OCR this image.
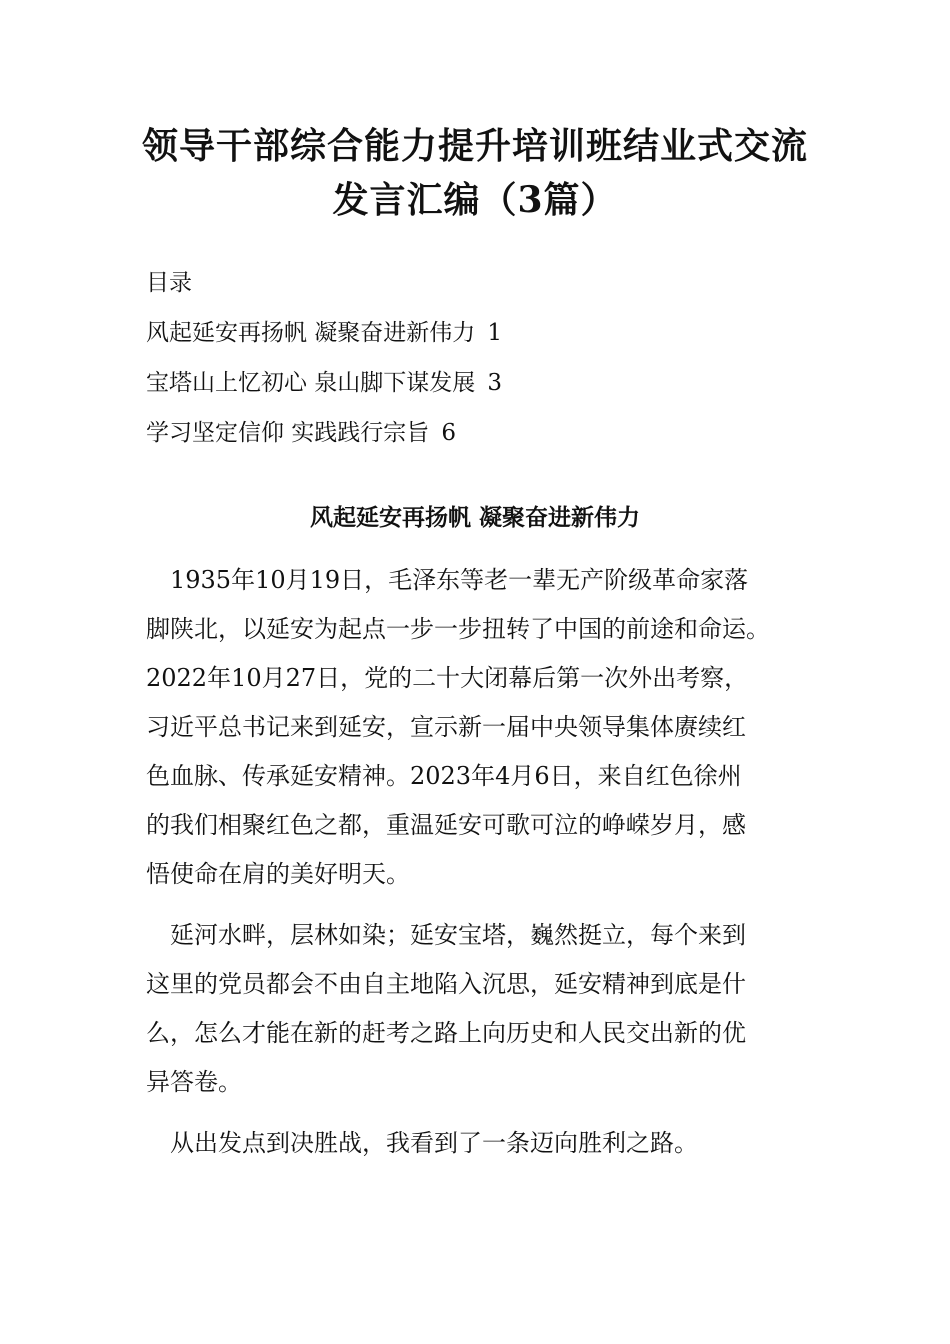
领导干部综合能力提升培训班结业式交流
发言汇编（3篇）
目录
风起延安再扬帆 凝聚奋进新伟力 1
宝塔山上忆初心 泉山脚下谋发展 3
学习坚定信仰 实践践行宗旨 6
风起延安再扬帆 凝聚奋进新伟力
　1935年10月19日，毛泽东等老一辈无产阶级革命家落
脚陕北，以延安为起点一步一步扭转了中国的前途和命运。
2022年10月27日，党的二十大闭幕后第一次外出考察，
习近平总书记来到延安，宣示新一届中央领导集体赓续红
色血脉、传承延安精神。2023年4月6日，来自红色徐州
的我们相聚红色之都，重温延安可歌可泣的峥嵘岁月，感
悟使命在肩的美好明天。
　延河水畔，层林如染；延安宝塔，巍然挺立，每个来到
这里的党员都会不由自主地陷入沉思，延安精神到底是什
么，怎么才能在新的赶考之路上向历史和人民交出新的优
异答卷。
　从出发点到决胜战，我看到了一条迈向胜利之路。
